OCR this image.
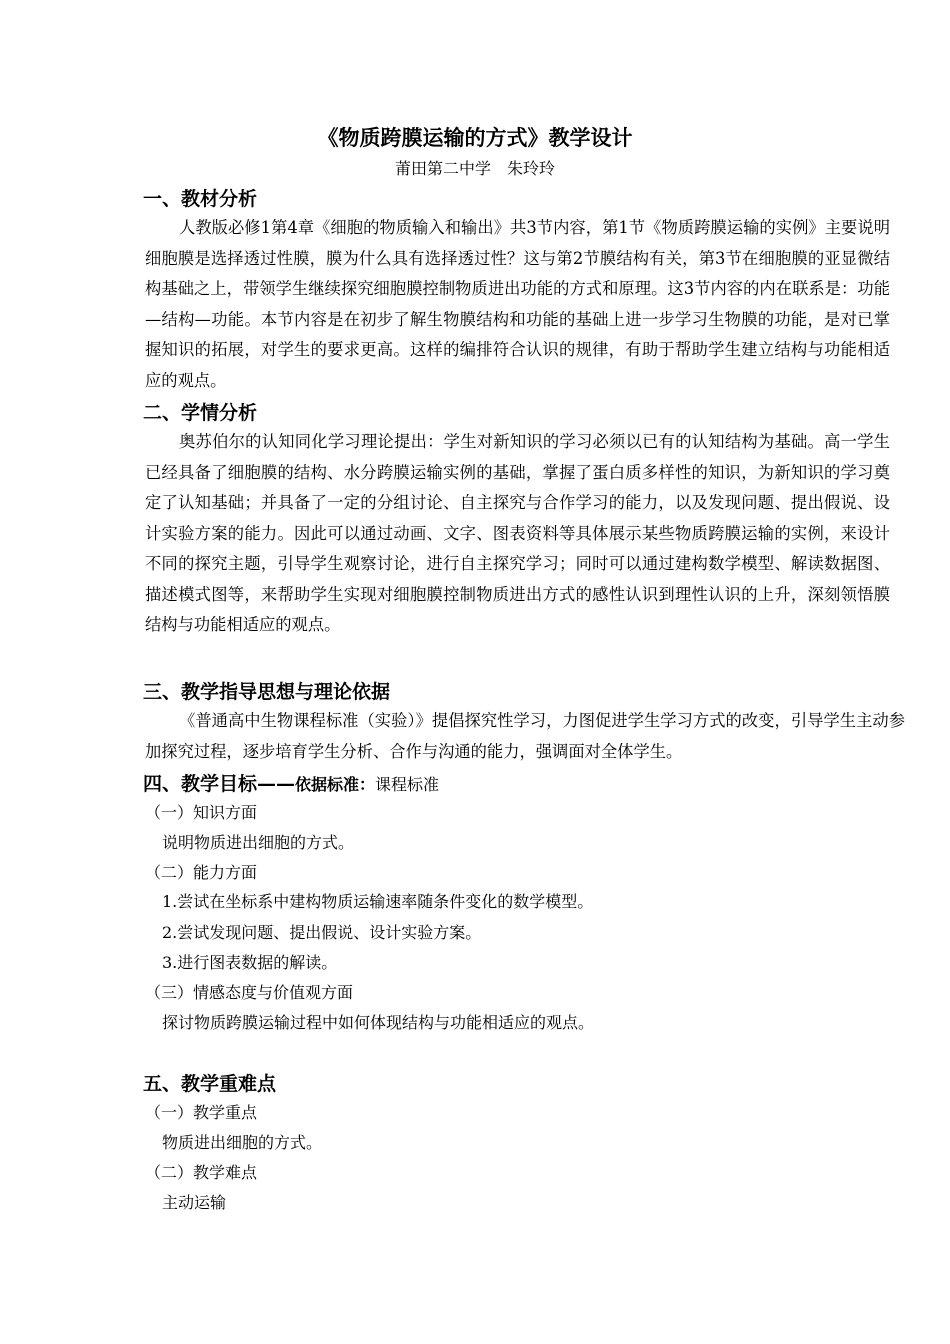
《物质跨膜运输的方式》教学设计
莆田第二中学　朱玲玲
一、教材分析

人教版必修1第4章《细胞的物质输入和输出》共3节内容，第1节《物质跨膜运输的实例》主要说明细胞膜是选择透过性膜，膜为什么具有选择透过性？这与第2节膜结构有关，第3节在细胞膜的亚显微结构基础之上，带领学生继续探究细胞膜控制物质进出功能的方式和原理。这3节内容的内在联系是：功能—结构—功能。本节内容是在初步了解生物膜结构和功能的基础上进一步学习生物膜的功能，是对已掌握知识的拓展，对学生的要求更高。这样的编排符合认识的规律，有助于帮助学生建立结构与功能相适应的观点。

二、学情分析

奥苏伯尔的认知同化学习理论提出：学生对新知识的学习必须以已有的认知结构为基础。高一学生已经具备了细胞膜的结构、水分跨膜运输实例的基础，掌握了蛋白质多样性的知识，为新知识的学习奠定了认知基础；并具备了一定的分组讨论、自主探究与合作学习的能力，以及发现问题、提出假说、设计实验方案的能力。因此可以通过动画、文字、图表资料等具体展示某些物质跨膜运输的实例，来设计不同的探究主题，引导学生观察讨论，进行自主探究学习；同时可以通过建构数学模型、解读数据图、描述模式图等，来帮助学生实现对细胞膜控制物质进出方式的感性认识到理性认识的上升，深刻领悟膜结构与功能相适应的观点。

三、教学指导思想与理论依据

《普通高中生物课程标准（实验）》提倡探究性学习，力图促进学生学习方式的改变，引导学生主动参加探究过程，逐步培育学生分析、合作与沟通的能力，强调面对全体学生。

四、教学目标——依据标准：课程标准
（一）知识方面
说明物质进出细胞的方式。
（二）能力方面
1.尝试在坐标系中建构物质运输速率随条件变化的数学模型。
2.尝试发现问题、提出假说、设计实验方案。
3.进行图表数据的解读。
（三）情感态度与价值观方面
探讨物质跨膜运输过程中如何体现结构与功能相适应的观点。
五、教学重难点
（一）教学重点
物质进出细胞的方式。
（二）教学难点
主动运输
